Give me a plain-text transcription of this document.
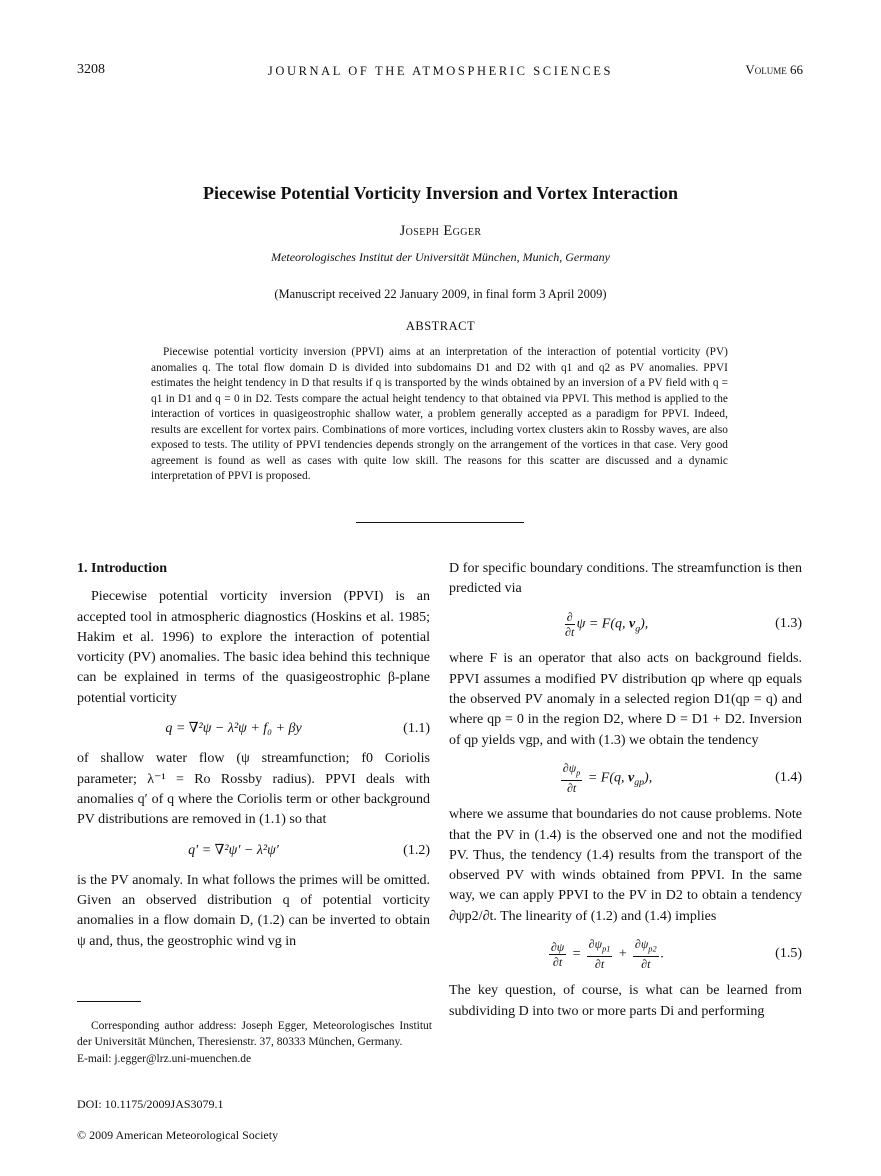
3208	JOURNAL OF THE ATMOSPHERIC SCIENCES	Volume 66
Piecewise Potential Vorticity Inversion and Vortex Interaction
Joseph Egger
Meteorologisches Institut der Universität München, Munich, Germany
(Manuscript received 22 January 2009, in final form 3 April 2009)
ABSTRACT
Piecewise potential vorticity inversion (PPVI) aims at an interpretation of the interaction of potential vorticity (PV) anomalies q. The total flow domain D is divided into subdomains D1 and D2 with q1 and q2 as PV anomalies. PPVI estimates the height tendency in D that results if q is transported by the winds obtained by an inversion of a PV field with q = q1 in D1 and q = 0 in D2. Tests compare the actual height tendency to that obtained via PPVI. This method is applied to the interaction of vortices in quasigeostrophic shallow water, a problem generally accepted as a paradigm for PPVI. Indeed, results are excellent for vortex pairs. Combinations of more vortices, including vortex clusters akin to Rossby waves, are also exposed to tests. The utility of PPVI tendencies depends strongly on the arrangement of the vortices in that case. Very good agreement is found as well as cases with quite low skill. The reasons for this scatter are discussed and a dynamic interpretation of PPVI is proposed.

1. Introduction

Piecewise potential vorticity inversion (PPVI) is an accepted tool in atmospheric diagnostics (Hoskins et al. 1985; Hakim et al. 1996) to explore the interaction of potential vorticity (PV) anomalies. The basic idea behind this technique can be explained in terms of the quasigeostrophic β-plane potential vorticity

q = ∇²ψ − λ²ψ + f₀ + βy	(1.1)

of shallow water flow (ψ streamfunction; f0 Coriolis parameter; λ⁻¹ = Ro Rossby radius). PPVI deals with anomalies q′ of q where the Coriolis term or other background PV distributions are removed in (1.1) so that

q′ = ∇²ψ′ − λ²ψ′	(1.2)

is the PV anomaly. In what follows the primes will be omitted. Given an observed distribution q of potential vorticity anomalies in a flow domain D, (1.2) can be inverted to obtain ψ and, thus, the geostrophic wind vg in

D for specific boundary conditions. The streamfunction is then predicted via

$\frac{\partial}{\partial t}$ ψ = F(q, $v_g$),	(1.3)

where F is an operator that also acts on background fields. PPVI assumes a modified PV distribution qp where qp equals the observed PV anomaly in a selected region D1(qp = q) and where qp = 0 in the region D2, where D = D1 + D2. Inversion of qp yields vgp, and with (1.3) we obtain the tendency

$\frac{\partial\psi_p}{\partial t} = F(q$, $v_{gp}$),	(1.4)

where we assume that boundaries do not cause problems. Note that the PV in (1.4) is the observed one and not the modified PV. Thus, the tendency (1.4) results from the transport of the observed PV with winds obtained from PPVI. In the same way, we can apply PPVI to the PV in D2 to obtain a tendency ∂ψp2/∂t. The linearity of (1.2) and (1.4) implies

$\frac{\partial\psi}{\partial t} = \frac{\partial\psi_{p1}}{\partial t} + \frac{\partial\psi_{p2}}{\partial t}$ .	(1.5)

The key question, of course, is what can be learned from subdividing D into two or more parts Di and performing

Corresponding author address: Joseph Egger, Meteorologisches Institut der Universität München, Theresienstr. 37, 80333 München, Germany.
E-mail: j.egger@lrz.uni-muenchen.de
DOI: 10.1175/2009JAS3079.1
© 2009 American Meteorological Society
